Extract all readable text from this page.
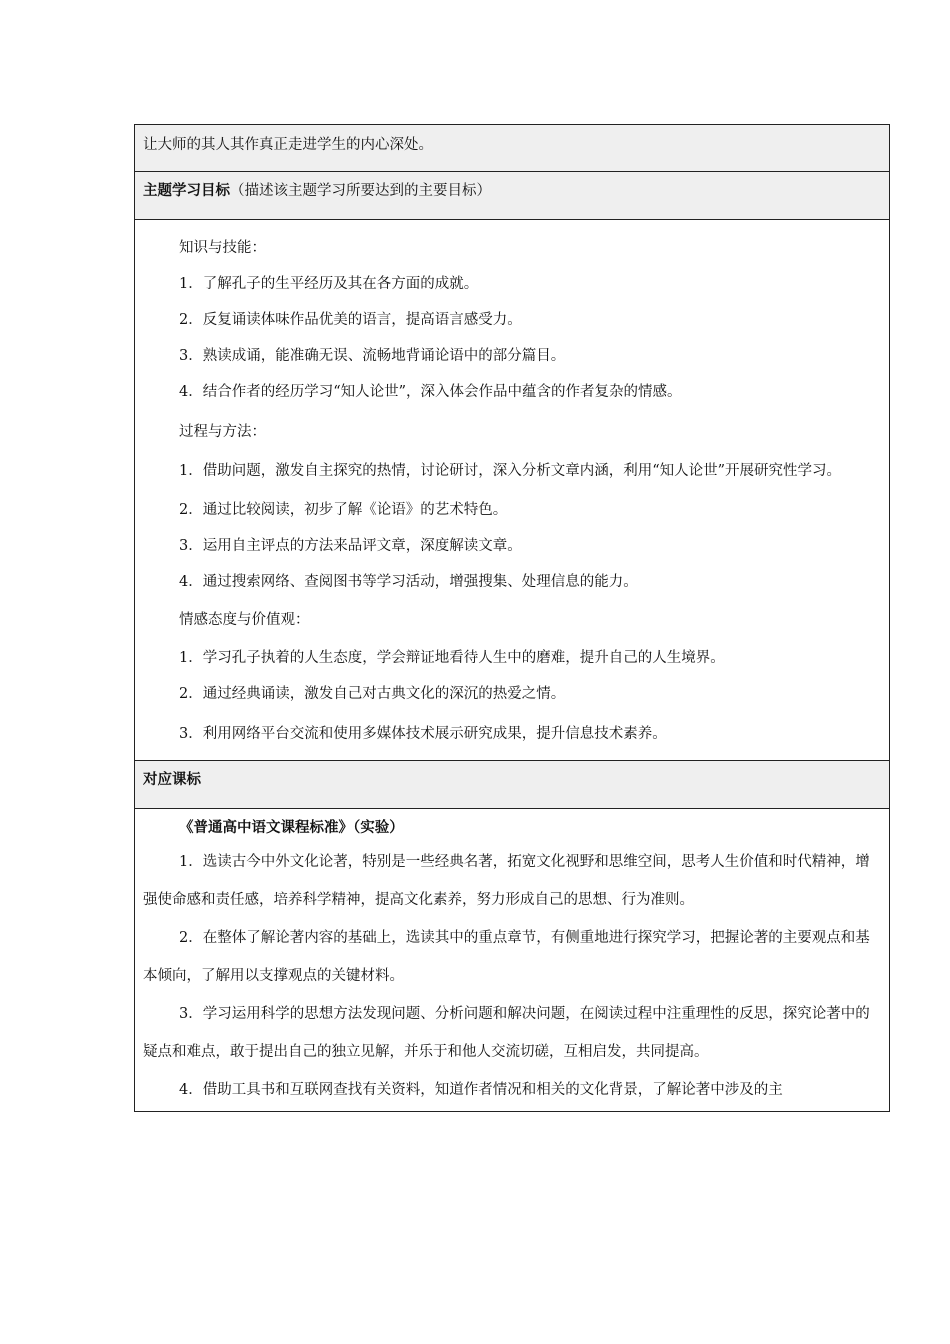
让大师的其人其作真正走进学生的内心深处。
主题学习目标（描述该主题学习所要达到的主要目标）

知识与技能：

1．了解孔子的生平经历及其在各方面的成就。

2．反复诵读体味作品优美的语言，提高语言感受力。

3．熟读成诵，能准确无误、流畅地背诵论语中的部分篇目。

4．结合作者的经历学习“知人论世”，深入体会作品中蕴含的作者复杂的情感。

过程与方法：

1．借助问题，激发自主探究的热情，讨论研讨，深入分析文章内涵，利用“知人论世”开展研究性学习。

2．通过比较阅读，初步了解《论语》的艺术特色。

3．运用自主评点的方法来品评文章，深度解读文章。

4．通过搜索网络、查阅图书等学习活动，增强搜集、处理信息的能力。

情感态度与价值观：

1．学习孔子执着的人生态度，学会辩证地看待人生中的磨难，提升自己的人生境界。

2．通过经典诵读，激发自己对古典文化的深沉的热爱之情。

3．利用网络平台交流和使用多媒体技术展示研究成果，提升信息技术素养。

对应课标

《普通高中语文课程标准》（实验）

1．选读古今中外文化论著，特别是一些经典名著，拓宽文化视野和思维空间，思考人生价值和时代精神，增强使命感和责任感，培养科学精神，提高文化素养，努力形成自己的思想、行为准则。

2．在整体了解论著内容的基础上，选读其中的重点章节，有侧重地进行探究学习，把握论著的主要观点和基本倾向，了解用以支撑观点的关键材料。

3．学习运用科学的思想方法发现问题、分析问题和解决问题，在阅读过程中注重理性的反思，探究论著中的疑点和难点，敢于提出自己的独立见解，并乐于和他人交流切磋，互相启发，共同提高。

4．借助工具书和互联网查找有关资料，知道作者情况和相关的文化背景，了解论著中涉及的主
